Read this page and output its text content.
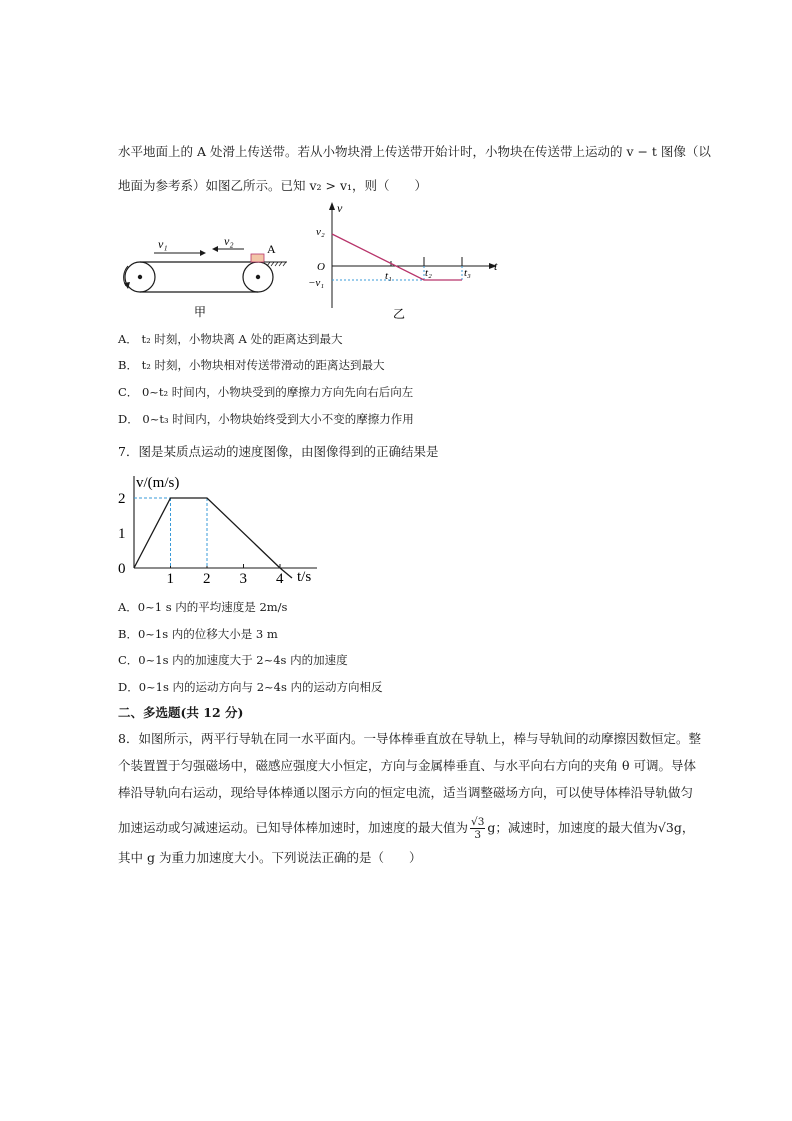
水平地面上的 A 处滑上传送带。若从小物块滑上传送带开始计时，小物块在传送带上运动的 v − t 图像（以
地面为参考系）如图乙所示。已知 v₂ > v₁，则（　　）
v₁	v₂
A
甲
v
t
O
v₂
−v₁
t₁	t₂	t₃
乙
A． t₂ 时刻，小物块离 A 处的距离达到最大
B． t₂ 时刻，小物块相对传送带滑动的距离达到最大
C． 0~t₂ 时间内，小物块受到的摩擦力方向先向右后向左
D． 0~t₃ 时间内，小物块始终受到大小不变的摩擦力作用
7．图是某质点运动的速度图像，由图像得到的正确结果是
v/(m/s)
t/s
1 2 3 4
0
1
2
A．0~1 s 内的平均速度是 2m/s
B．0~1s 内的位移大小是 3 m
C．0~1s 内的加速度大于 2~4s 内的加速度
D．0~1s 内的运动方向与 2~4s 内的运动方向相反
二、多选题(共 12 分)
8．如图所示，两平行导轨在同一水平面内。一导体棒垂直放在导轨上，棒与导轨间的动摩擦因数恒定。整
个装置置于匀强磁场中，磁感应强度大小恒定，方向与金属棒垂直、与水平向右方向的夹角 θ 可调。导体
棒沿导轨向右运动，现给导体棒通以图示方向的恒定电流，适当调整磁场方向，可以使导体棒沿导轨做匀
加速运动或匀减速运动。已知导体棒加速时，加速度的最大值为 $\frac{√3}{3}$ g；减速时，加速度的最大值为√3g，
其中 g 为重力加速度大小。下列说法正确的是（　　）
